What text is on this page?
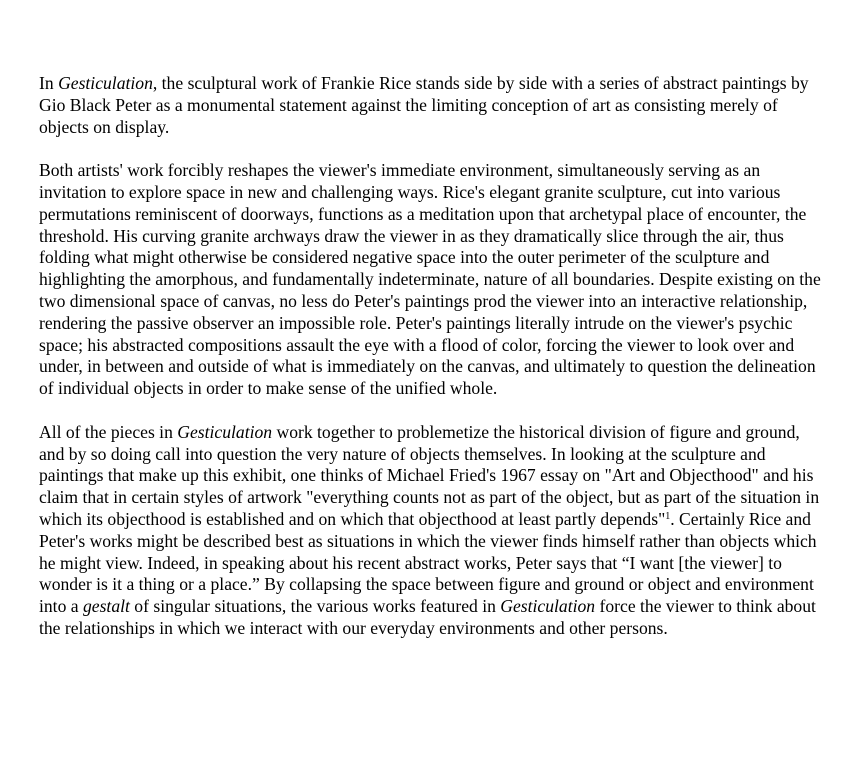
In Gesticulation, the sculptural work of Frankie Rice stands side by side with a series of abstract paintings by Gio Black Peter as a monumental statement against the limiting conception of art as consisting merely of objects on display.

Both artists' work forcibly reshapes the viewer's immediate environment, simultaneously serving as an invitation to explore space in new and challenging ways. Rice's elegant granite sculpture, cut into various permutations reminiscent of doorways, functions as a meditation upon that archetypal place of encounter, the threshold. His curving granite archways draw the viewer in as they dramatically slice through the air, thus folding what might otherwise be considered negative space into the outer perimeter of the sculpture and highlighting the amorphous, and fundamentally indeterminate, nature of all boundaries. Despite existing on the two dimensional space of canvas, no less do Peter's paintings prod the viewer into an interactive relationship, rendering the passive observer an impossible role. Peter's paintings literally intrude on the viewer's psychic space; his abstracted compositions assault the eye with a flood of color, forcing the viewer to look over and under, in between and outside of what is immediately on the canvas, and ultimately to question the delineation of individual objects in order to make sense of the unified whole.

All of the pieces in Gesticulation work together to problemetize the historical division of figure and ground, and by so doing call into question the very nature of objects themselves. In looking at the sculpture and paintings that make up this exhibit, one thinks of Michael Fried's 1967 essay on "Art and Objecthood" and his claim that in certain styles of artwork "everything counts not as part of the object, but as part of the situation in which its objecthood is established and on which that objecthood at least partly depends"$^1$. Certainly Rice and Peter's works might be described best as situations in which the viewer finds himself rather than objects which he might view. Indeed, in speaking about his recent abstract works, Peter says that “I want [the viewer] to wonder is it a thing or a place.” By collapsing the space between figure and ground or object and environment into a gestalt of singular situations, the various works featured in Gesticulation force the viewer to think about the relationships in which we interact with our everyday environments and other persons.
